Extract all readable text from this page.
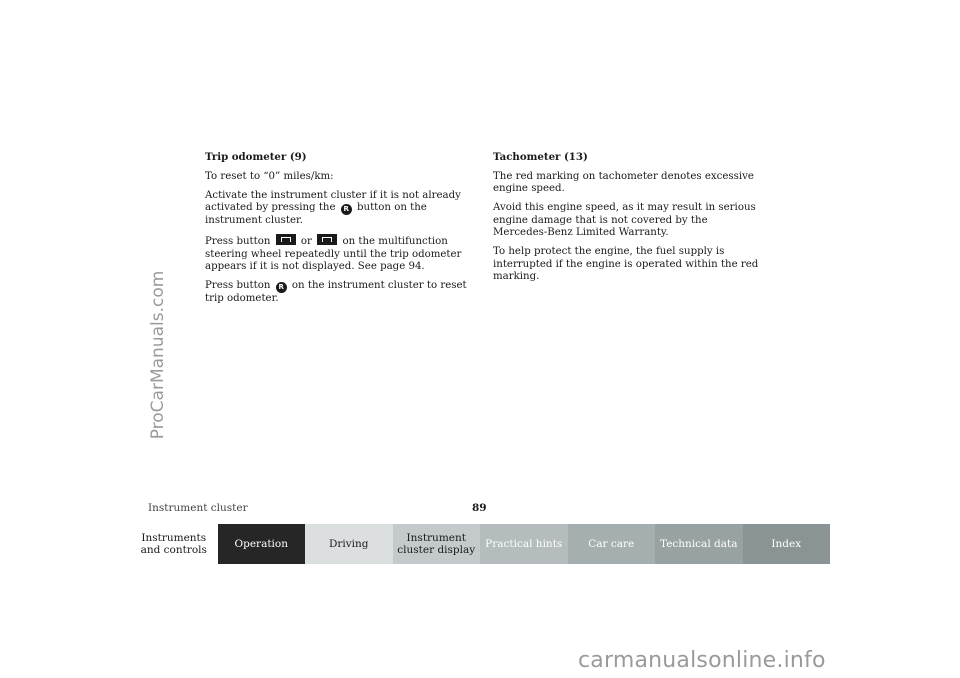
ProCarManuals.com
Trip odometer (9)

To reset to “0” miles/km:

Activate the instrument cluster if it is not already activated by pressing the R button on the instrument cluster.

Press button	or	on the multifunction steering wheel repeatedly until the trip odometer appears if it is not displayed. See page 94.

Press button R on the instrument cluster to reset trip odometer.

Tachometer (13)

The red marking on tachometer denotes excessive engine speed.

Avoid this engine speed, as it may result in serious engine damage that is not covered by the Mercedes-Benz Limited Warranty.

To help protect the engine, the fuel supply is interrupted if the engine is operated within the red marking.

Instrument cluster	89
Instruments and controls	Operation	Driving	Instrument cluster display Practical hints	Car care	Technical data	Index
carmanualsonline.info
